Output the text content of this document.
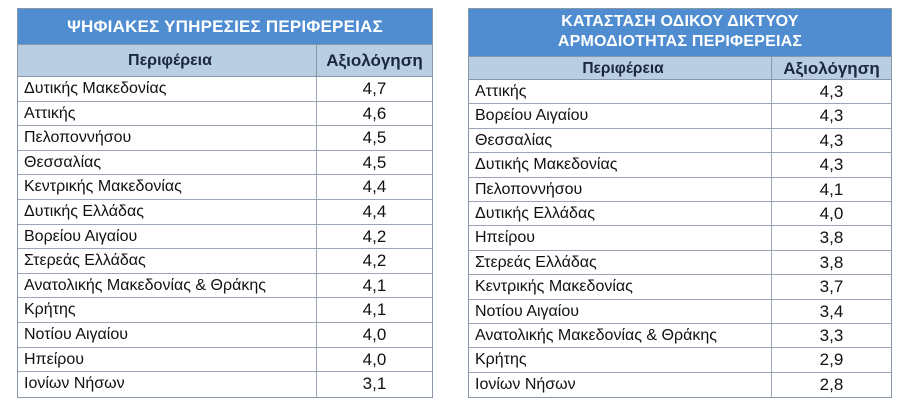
ΨΗΦΙΑΚΕΣ ΥΠΗΡΕΣΙΕΣ ΠΕΡΙΦΕΡΕΙΑΣ
Περιφέρεια	Αξιολόγηση
Δυτικής Μακεδονίας	4,7
Αττικής	4,6
Πελοποννήσου	4,5
Θεσσαλίας	4,5
Κεντρικής Μακεδονίας	4,4
Δυτικής Ελλάδας	4,4
Βορείου Αιγαίου	4,2
Στερεάς Ελλάδας	4,2
Ανατολικής Μακεδονίας & Θράκης	4,1
Κρήτης	4,1
Νοτίου Αιγαίου	4,0
Ηπείρου	4,0
Ιονίων Νήσων	3,1
ΚΑΤΑΣΤΑΣΗ ΟΔΙΚΟΥ ΔΙΚΤΥΟΥ
ΑΡΜΟΔΙΟΤΗΤΑΣ ΠΕΡΙΦΕΡΕΙΑΣ
Περιφέρεια	Αξιολόγηση
Αττικής	4,3
Βορείου Αιγαίου	4,3
Θεσσαλίας	4,3
Δυτικής Μακεδονίας	4,3
Πελοποννήσου	4,1
Δυτικής Ελλάδας	4,0
Ηπείρου	3,8
Στερεάς Ελλάδας	3,8
Κεντρικής Μακεδονίας	3,7
Νοτίου Αιγαίου	3,4
Ανατολικής Μακεδονίας & Θράκης	3,3
Κρήτης	2,9
Ιονίων Νήσων	2,8
